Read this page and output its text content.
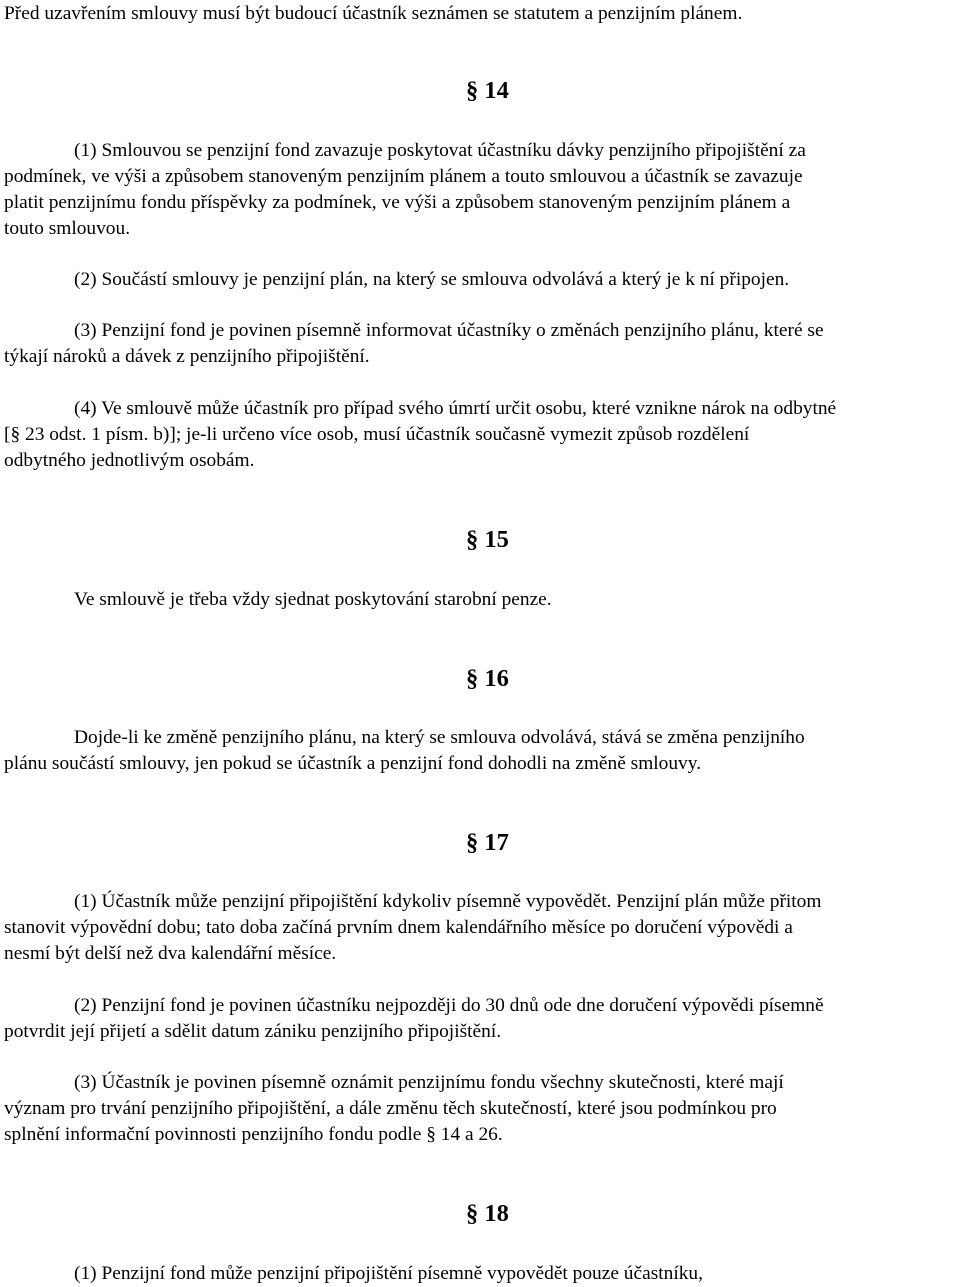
Před uzavřením smlouvy musí být budoucí účastník seznámen se statutem a penzijním plánem.
§ 14
(1) Smlouvou se penzijní fond zavazuje poskytovat účastníku dávky penzijního připojištění za
podmínek, ve výši a způsobem stanoveným penzijním plánem a touto smlouvou a účastník se zavazuje
platit penzijnímu fondu příspěvky za podmínek, ve výši a způsobem stanoveným penzijním plánem a
touto smlouvou.
(2) Součástí smlouvy je penzijní plán, na který se smlouva odvolává a který je k ní připojen.
(3) Penzijní fond je povinen písemně informovat účastníky o změnách penzijního plánu, které se
týkají nároků a dávek z penzijního připojištění.
(4) Ve smlouvě může účastník pro případ svého úmrtí určit osobu, které vznikne nárok na odbytné
[§ 23 odst. 1 písm. b)]; je-li určeno více osob, musí účastník současně vymezit způsob rozdělení
odbytného jednotlivým osobám.
§ 15
Ve smlouvě je třeba vždy sjednat poskytování starobní penze.
§ 16
Dojde-li ke změně penzijního plánu, na který se smlouva odvolává, stává se změna penzijního
plánu součástí smlouvy, jen pokud se účastník a penzijní fond dohodli na změně smlouvy.
§ 17
(1) Účastník může penzijní připojištění kdykoliv písemně vypovědět. Penzijní plán může přitom
stanovit výpovědní dobu; tato doba začíná prvním dnem kalendářního měsíce po doručení výpovědi a
nesmí být delší než dva kalendářní měsíce.
(2) Penzijní fond je povinen účastníku nejpozději do 30 dnů ode dne doručení výpovědi písemně
potvrdit její přijetí a sdělit datum zániku penzijního připojištění.
(3) Účastník je povinen písemně oznámit penzijnímu fondu všechny skutečnosti, které mají
význam pro trvání penzijního připojištění, a dále změnu těch skutečností, které jsou podmínkou pro
splnění informační povinnosti penzijního fondu podle § 14 a 26.
§ 18
(1) Penzijní fond může penzijní připojištění písemně vypovědět pouze účastníku,
